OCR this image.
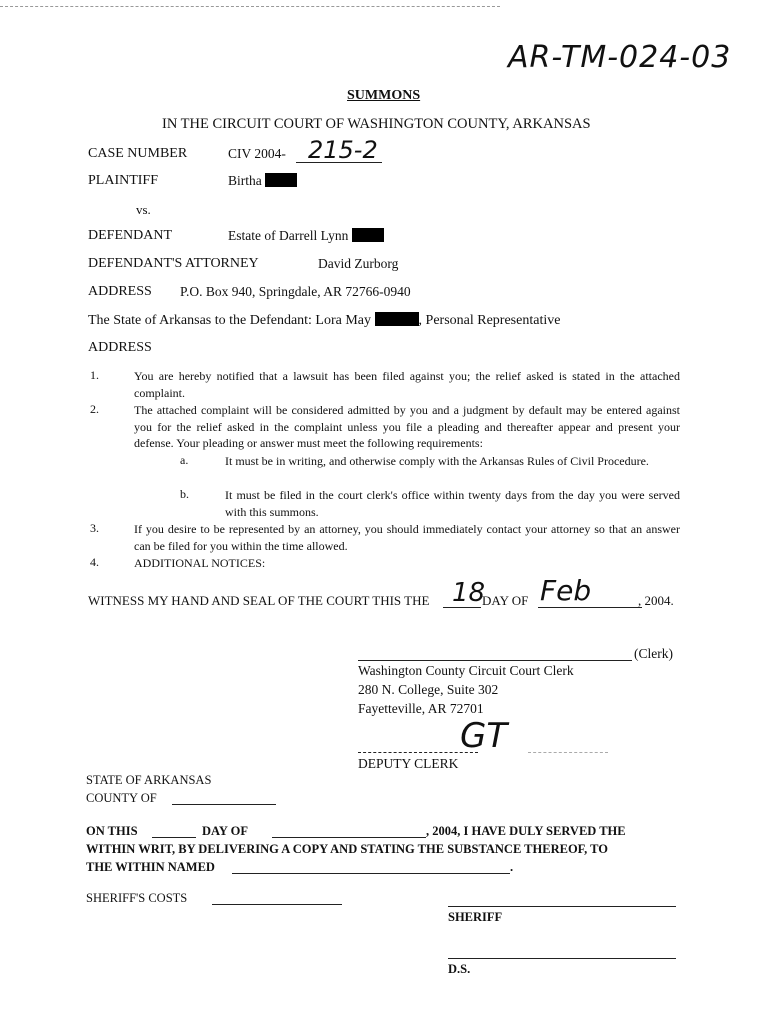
AR-TM-024-03
SUMMONS
IN THE CIRCUIT COURT OF WASHINGTON COUNTY, ARKANSAS
CASE NUMBER	CIV 2004- 215-2
PLAINTIFF	Birtha
vs.
DEFENDANT	Estate of Darrell Lynn
DEFENDANT'S ATTORNEY	David Zurborg
ADDRESS P.O. Box 940, Springdale, AR 72766-0940
The State of Arkansas to the Defendant: Lora May	, Personal Representative
ADDRESS
1.	You are hereby notified that a lawsuit has been filed against you; the relief asked is stated in the attached complaint.
2.	The attached complaint will be considered admitted by you and a judgment by default may be entered against you for the relief asked in the complaint unless you file a pleading and thereafter appear and present your defense. Your pleading or answer must meet the following requirements:
a.	It must be in writing, and otherwise comply with the Arkansas Rules of Civil Procedure.
b.	It must be filed in the court clerk's office within twenty days from the day you were served with this summons.
3.	If you desire to be represented by an attorney, you should immediately contact your attorney so that an answer can be filed for you within the time allowed.
4.	ADDITIONAL NOTICES:
WITNESS MY HAND AND SEAL OF THE COURT THIS THE 18
DAY OF Feb	, 2004.
(Clerk)
Washington County Circuit Court Clerk
280 N. College, Suite 302
Fayetteville, AR 72701
GT
DEPUTY CLERK
STATE OF ARKANSAS
COUNTY OF
ON THIS	DAY OF	, 2004, I HAVE DULY SERVED THE
WITHIN WRIT, BY DELIVERING A COPY AND STATING THE SUBSTANCE THEREOF, TO
THE WITHIN NAMED	.
SHERIFF'S COSTS
SHERIFF
D.S.
